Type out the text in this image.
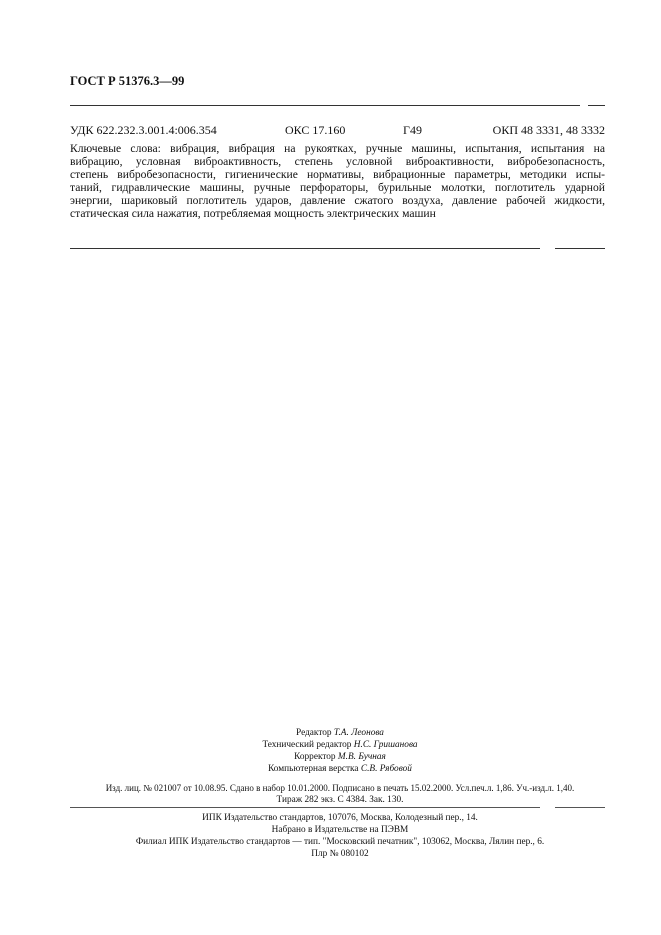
ГОСТ Р 51376.3—99
УДК 622.232.3.001.4:006.354	ОКС 17.160	Г49	ОКП 48 3331, 48 3332
Ключевые слова: вибрация, вибрация на рукоятках, ручные машины, испытания, испытания на
вибрацию, условная виброактивность, степень условной виброактивности, вибробезопасность,
степень вибробезопасности, гигиенические нормативы, вибрационные параметры, методики испы-
таний, гидравлические машины, ручные перфораторы, бурильные молотки, поглотитель ударной
энергии, шариковый поглотитель ударов, давление сжатого воздуха, давление рабочей жидкости,
статическая сила нажатия, потребляемая мощность электрических машин
Редактор Т.А. Леонова
Технический редактор Н.С. Гришанова
Корректор М.В. Бучная
Компьютерная верстка С.В. Рябовой
Изд. лиц. № 021007 от 10.08.95. Сдано в набор 10.01.2000. Подписано в печать 15.02.2000. Усл.печ.л. 1,86. Уч.-изд.л. 1,40.
Тираж 282 экз. С 4384. Зак. 130.
ИПК Издательство стандартов, 107076, Москва, Колодезный пер., 14.
Набрано в Издательстве на ПЭВМ
Филиал ИПК Издательство стандартов — тип. "Московский печатник", 103062, Москва, Лялин пер., 6.
Плр № 080102
